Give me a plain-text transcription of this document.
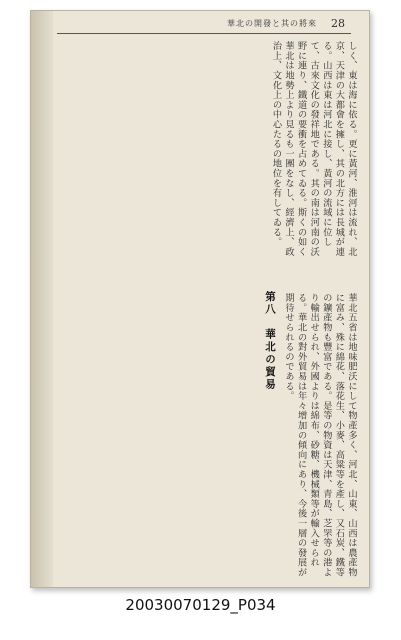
華北の開發と其の將來 28
しく、東は海に依る。更に黃河、淮河は流れ、北京、天津の大都會を擁し、其の北方には長城が連る。山西は東は河北に接し、黃河の流域に位して、古來文化の發祥地である。其の南は河南の沃野に連り、鐵道の要衝を占めてゐる。斯くの如く華北は地勢上より見るも一團をなし、經濟上、政治上、文化上の中心たるの地位を有してゐる。
第八　華北の貿易	華北五省は地味肥沃にして物產多く、河北、山東、山西は農產物に富み、殊に綿花、落花生、小麥、高粱等を產し、又石炭、鐵等の鑛產物も豐富である。是等の物資は天津、青島、芝罘等の港より輸出せられ、外國よりは綿布、砂糖、機械類等が輸入せられる。華北の對外貿易は年々增加の傾向にあり、今後一層の發展が期待せられるのである。
20030070129_P034
